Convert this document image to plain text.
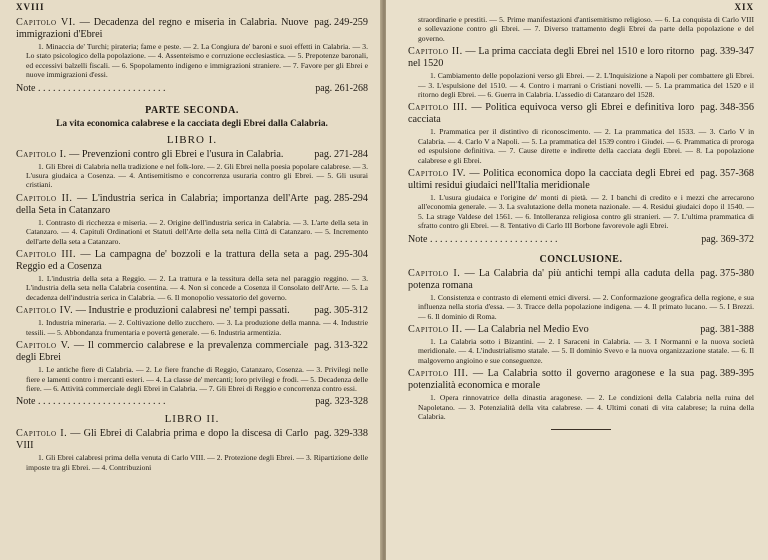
XVIII
pag. 249-259
Capitolo VI. — Decadenza del regno e miseria in Calabria. Nuove immigrazioni d'Ebrei
1. Minaccia de' Turchi; pirateria; fame e peste. — 2. La Congiura de' baroni e suoi effetti in Calabria. — 3. Lo stato psicologico della popolazione. — 4. Assenteismo e corruzione ecclesiastica. — 5. Prepotenze baronali, ed eccessivi balzelli fiscali. — 6. Spopolamento indigeno e immigrazioni straniere. — 7. Favore per gli Ebrei e nuove immigrazioni d'essi.
pag. 261-268
Note . . . . . . . . . . . . . . . . . . . . . . . . . .
PARTE SECONDA.
La vita economica calabrese e la cacciata degli Ebrei dalla Calabria.
LIBRO I.
pag. 271-284
Capitolo I. — Prevenzioni contro gli Ebrei e l'usura in Calabria.
1. Gli Ebrei di Calabria nella tradizione e nel folk-lore. — 2. Gli Ebrei nella poesia popolare calabrese. — 3. L'usura giudaica a Cosenza. — 4. Antisemitismo e concorrenza usuraria contro gli Ebrei. — 5. Gli usurai cristiani.
pag. 285-294
Capitolo II. — L'industria serica in Calabria; importanza dell'Arte della Seta in Catanzaro
1. Contrasto di ricchezza e miseria. — 2. Origine dell'industria serica in Calabria. — 3. L'arte della seta in Catanzaro. — 4. Capituli Ordinationi et Statuti dell'Arte della seta nella Città di Catanzaro. — 5. Incremento dell'arte della seta a Catanzaro.
pag. 295-304
Capitolo III. — La campagna de' bozzoli e la trattura della seta a Reggio ed a Cosenza
1. L'industria della seta a Reggio. — 2. La trattura e la tessitura della seta nel paraggio reggino. — 3. L'industria della seta nella Calabria cosentina. — 4. Non si concede a Cosenza il Consolato dell'Arte. — 5. La decadenza dell'industria serica in Calabria. — 6. Il monopolio vessatorio del governo.
pag. 305-312
Capitolo IV. — Industrie e produzioni calabresi ne' tempi passati.
1. Industria mineraria. — 2. Coltivazione dello zucchero. — 3. La produzione della manna. — 4. Industrie tessili. — 5. Abbondanza frumentaria e povertà generale. — 6. Industria armentizia.
pag. 313-322
Capitolo V. — Il commercio calabrese e la prevalenza commerciale degli Ebrei
1. Le antiche fiere di Calabria. — 2. Le fiere franche di Reggio, Catanzaro, Cosenza. — 3. Privilegi nelle fiere e lamenti contro i mercanti esteri. — 4. La classe de' mercanti; loro privilegi e frodi. — 5. Decadenza delle fiere. — 6. Attività commerciale degli Ebrei in Calabria. — 7. Gli Ebrei di Reggio e concorrenza contro essi.
pag. 323-328
Note . . . . . . . . . . . . . . . . . . . . . . . . . .
LIBRO II.
pag. 329-338
Capitolo I. — Gli Ebrei di Calabria prima e dopo la discesa di Carlo VIII
1. Gli Ebrei calabresi prima della venuta di Carlo VIII. — 2. Protezione degli Ebrei. — 3. Ripartizione delle imposte tra gli Ebrei. — 4. Contribuzioni
XIX
straordinarie e prestiti. — 5. Prime manifestazioni d'antisemitismo religioso. — 6. La conquista di Carlo VIII e sollevazione contro gli Ebrei. — 7. Diverso trattamento degli Ebrei da parte della popolazione e del governo.
pag. 339-347
Capitolo II. — La prima cacciata degli Ebrei nel 1510 e loro ritorno nel 1520
1. Cambiamento delle popolazioni verso gli Ebrei. — 2. L'Inquisizione a Napoli per combattere gli Ebrei. — 3. L'espulsione del 1510. — 4. Contro i marrani o Cristiani novelli. — 5. La prammatica del 1520 e il ritorno degli Ebrei. — 6. Guerra in Calabria. L'assedio di Catanzaro del 1528.
pag. 348-356
Capitolo III. — Politica equivoca verso gli Ebrei e definitiva loro cacciata
1. Prammatica per il distintivo di riconoscimento. — 2. La prammatica del 1533. — 3. Carlo V in Calabria. — 4. Carlo V a Napoli. — 5. La prammatica del 1539 contro i Giudei. — 6. Prammatica di proroga ed espulsione definitiva. — 7. Cause dirette e indirette della cacciata degli Ebrei. — 8. La popolazione calabrese e gli Ebrei.
pag. 357-368
Capitolo IV. — Politica economica dopo la cacciata degli Ebrei ed ultimi residui giudaici nell'Italia meridionale
1. L'usura giudaica e l'origine de' monti di pietà. — 2. I banchi di credito e i mezzi che arrecarono all'economia generale. — 3. La svalutazione della moneta nazionale. — 4. Residui giudaici dopo il 1540. — 5. La strage Valdese del 1561. — 6. Intolleranza religiosa contro gli stranieri. — 7. L'ultima prammatica di sfratto contro gli Ebrei. — 8. Tentativo di Carlo III Borbone favorevole agli Ebrei.
pag. 369-372
Note . . . . . . . . . . . . . . . . . . . . . . . . . .
CONCLUSIONE.
pag. 375-380
Capitolo I. — La Calabria da' più antichi tempi alla caduta della potenza romana
1. Consistenza e contrasto di elementi etnici diversi. — 2. Conformazione geografica della regione, e sua influenza nella storia d'essa. — 3. Tracce della popolazione indigena. — 4. Il primato lucano. — 5. I Brezzi. — 6. Il dominio di Roma.
pag. 381-388
Capitolo II. — La Calabria nel Medio Evo
1. La Calabria sotto i Bizantini. — 2. I Saraceni in Calabria. — 3. I Normanni e la nuova società meridionale. — 4. L'industrialismo statale. — 5. Il dominio Svevo e la nuova organizzazione statale. — 6. Il malgoverno angioino e sue conseguenze.
pag. 389-395
Capitolo III. — La Calabria sotto il governo aragonese e la sua potenzialità economica e morale
1. Opera rinnovatrice della dinastia aragonese. — 2. Le condizioni della Calabria nella ruina del Napoletano. — 3. Potenzialità della vita calabrese. — 4. Ultimi conati di vita calabrese; la ruina della Calabria.
